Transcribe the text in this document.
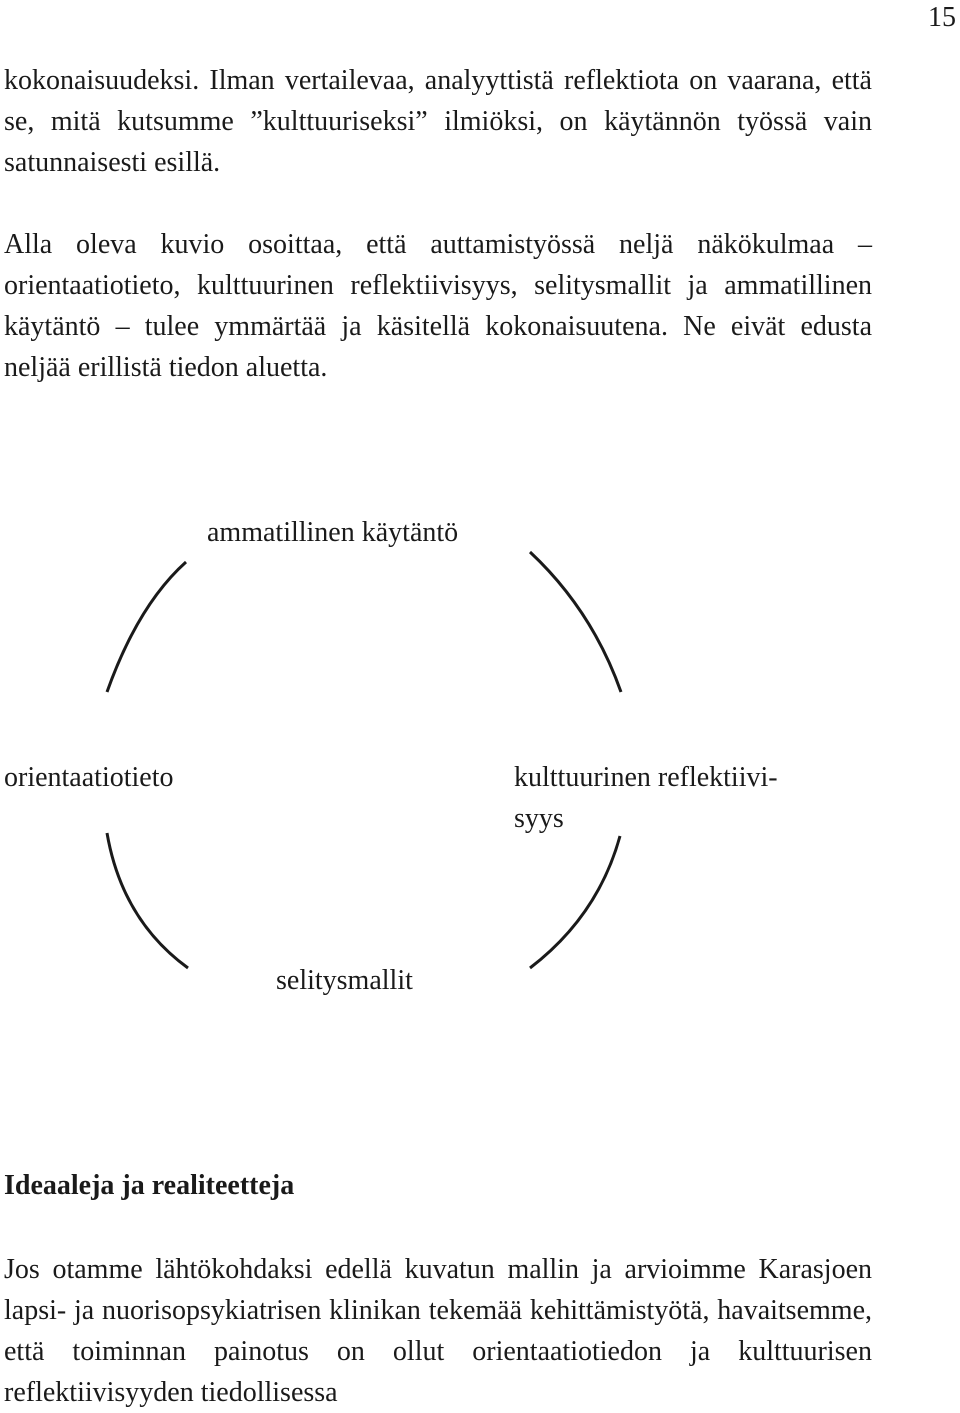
15

kokonaisuudeksi. Ilman vertailevaa, analyyttistä reflektiota on vaarana, että se, mitä kutsumme ”kulttuuriseksi” ilmiöksi, on käytännön työssä vain satunnaisesti esillä.

Alla oleva kuvio osoittaa, että auttamistyössä neljä näkökulmaa – orientaatiotieto, kulttuurinen reflektiivisyys, selitysmallit ja ammatillinen käytäntö – tulee ymmärtää ja käsitellä kokonaisuutena. Ne eivät edusta neljää erillistä tiedon aluetta.

ammatillinen käytäntö
orientaatiotieto	kulttuurinen reflektiivi-
syys
selitysmallit
Ideaaleja ja realiteetteja

Jos otamme lähtökohdaksi edellä kuvatun mallin ja arvioimme Karasjoen lapsi- ja nuorisopsykiatrisen klinikan tekemää kehittämistyötä, havaitsemme, että toiminnan painotus on ollut orientaatiotiedon ja kulttuurisen reflektiivisyyden tiedollisessa
